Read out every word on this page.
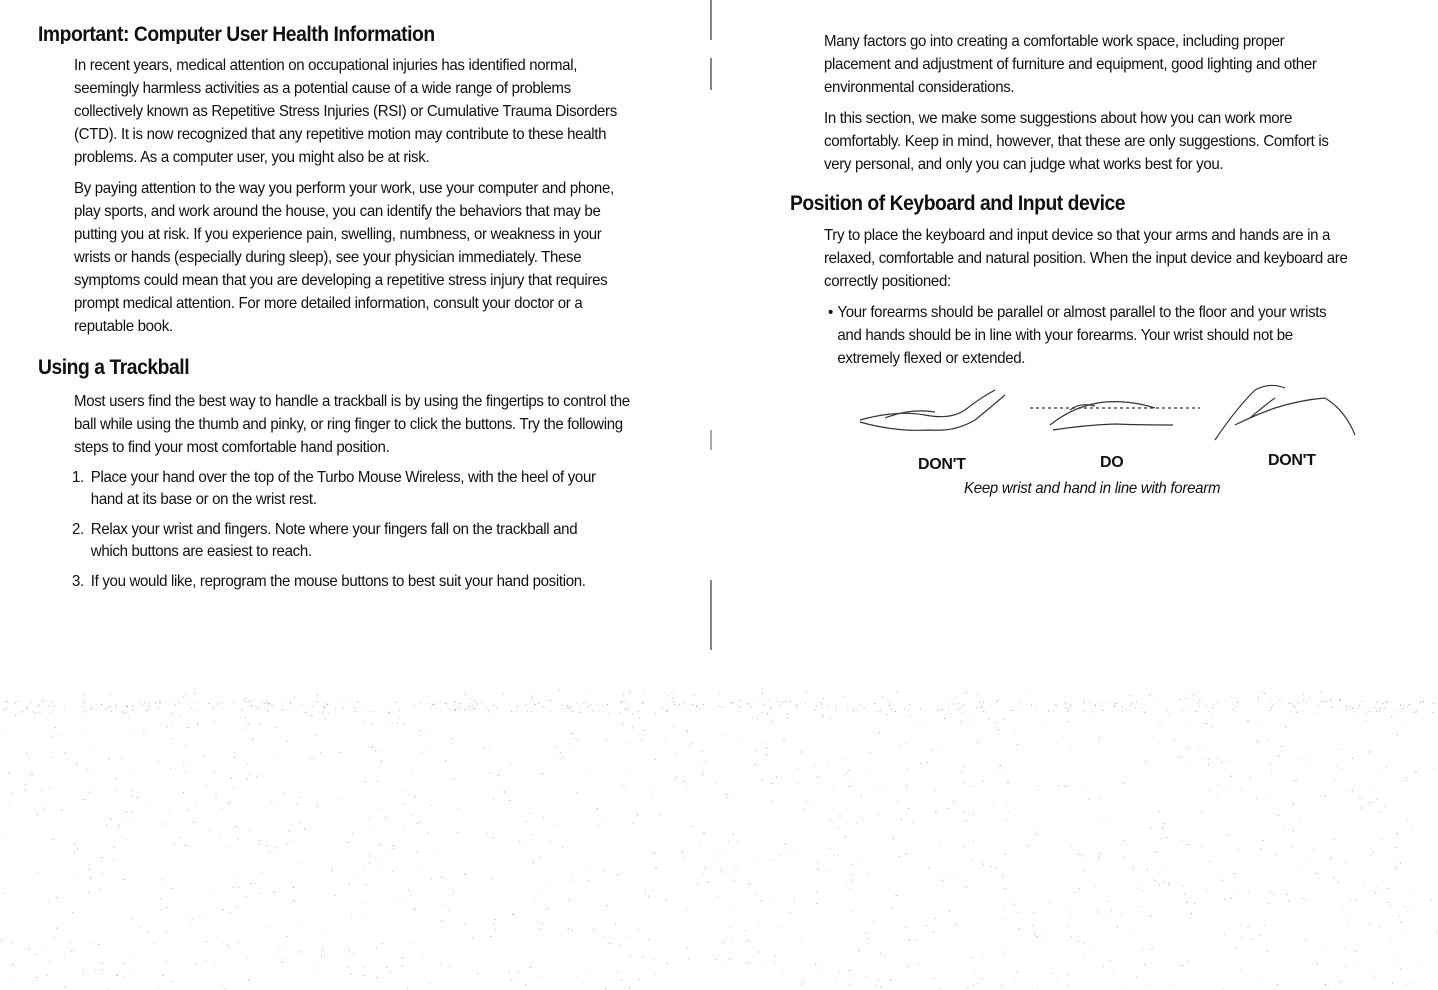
Important: Computer User Health Information

In recent years, medical attention on occupational injuries has identified normal, seemingly harmless activities as a potential cause of a wide range of problems collectively known as Repetitive Stress Injuries (RSI) or Cumulative Trauma Disorders (CTD). It is now recognized that any repetitive motion may contribute to these health problems. As a computer user, you might also be at risk.

By paying attention to the way you perform your work, use your computer and phone, play sports, and work around the house, you can identify the behaviors that may be putting you at risk. If you experience pain, swelling, numbness, or weakness in your wrists or hands (especially during sleep), see your physician immediately. These symptoms could mean that you are developing a repetitive stress injury that requires prompt medical attention. For more detailed information, consult your doctor or a reputable book.

Using a Trackball

Most users find the best way to handle a trackball is by using the fingertips to control the ball while using the thumb and pinky, or ring finger to click the buttons. Try the following steps to find your most comfortable hand position.

1. Place your hand over the top of the Turbo Mouse Wireless, with the heel of your hand at its base or on the wrist rest.
2. Relax your wrist and fingers. Note where your fingers fall on the trackball and which buttons are easiest to reach.
3. If you would like, reprogram the mouse buttons to best suit your hand position.

Many factors go into creating a comfortable work space, including proper placement and adjustment of furniture and equipment, good lighting and other environmental considerations.

In this section, we make some suggestions about how you can work more comfortably. Keep in mind, however, that these are only suggestions. Comfort is very personal, and only you can judge what works best for you.

Position of Keyboard and Input device

Try to place the keyboard and input device so that your arms and hands are in a relaxed, comfortable and natural position. When the input device and keyboard are correctly positioned:

• Your forearms should be parallel or almost parallel to the floor and your wrists and hands should be in line with your forearms. Your wrist should not be extremely flexed or extended.

DON'T	DO	DON'T
Keep wrist and hand in line with forearm
